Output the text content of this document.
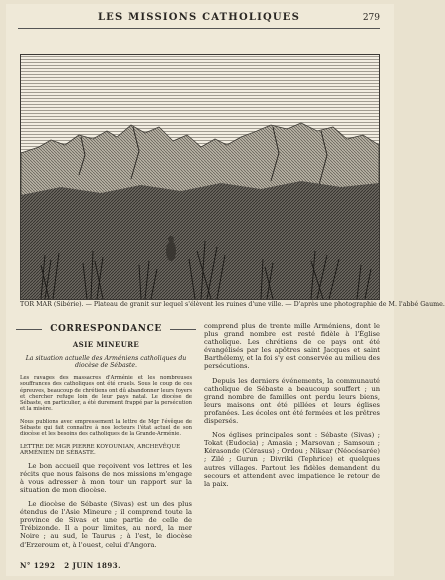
LES MISSIONS CATHOLIQUES	279
TOR MAR (Sibérie). — Plateau de granit sur lequel s'élèvent les ruines d'une ville. — D'après une photographie de M. l'abbé Gaume.
CORRESPONDANCE
ASIE MINEURE
La situation actuelle des Arméniens catholiques du diocèse de Sébaste.
Les ravages des massacres d'Arménie et les nombreuses souffrances des catholiques ont été cruels. Sous le coup de ces épreuves, beaucoup de chrétiens ont dû abandonner leurs foyers et chercher refuge loin de leur pays natal. Le diocèse de Sébaste, en particulier, a été durement frappé par la persécution et la misère.
Nous publions avec empressement la lettre de Mgr l'évêque de Sébaste qui fait connaître à nos lecteurs l'état actuel de son diocèse et les besoins des catholiques de la Grande-Arménie.
LETTRE DE MGR PIERRE KOYOUNIAN, ARCHEVÊQUE ARMÉNIEN DE SÉBASTE.
Le bon accueil que reçoivent vos lettres et les récits que nous faisons de nos missions m'engage à vous adresser à mon tour un rapport sur la situation de mon diocèse.
Le diocèse de Sébaste (Sivas) est un des plus étendus de l'Asie Mineure ; il comprend toute la province de Sivas et une partie de celle de Trébizonde. Il a pour limites, au nord, la mer Noire ; au sud, le Taurus ; à l'est, le diocèse d'Erzeroum et, à l'ouest, celui d'Angora.
comprend plus de trente mille Arméniens, dont le plus grand nombre est resté fidèle à l'Église catholique. Les chrétiens de ce pays ont été évangélisés par les apôtres saint Jacques et saint Barthélemy, et la foi s'y est conservée au milieu des persécutions.
Depuis les derniers événements, la communauté catholique de Sébaste a beaucoup souffert ; un grand nombre de familles ont perdu leurs biens, leurs maisons ont été pillées et leurs églises profanées. Les écoles ont été fermées et les prêtres dispersés.
Nos églises principales sont : Sébaste (Sivas) ; Tokat (Eudocia) ; Amasia ; Marsovan ; Samsoun ; Kérasonde (Cérasus) ; Ordou ; Niksar (Néocésarée) ; Zilé ; Gurun ; Divriki (Tephrice) et quelques autres villages. Partout les fidèles demandent du secours et attendent avec impatience le retour de la paix.
N° 1292 2 JUIN 1893.
